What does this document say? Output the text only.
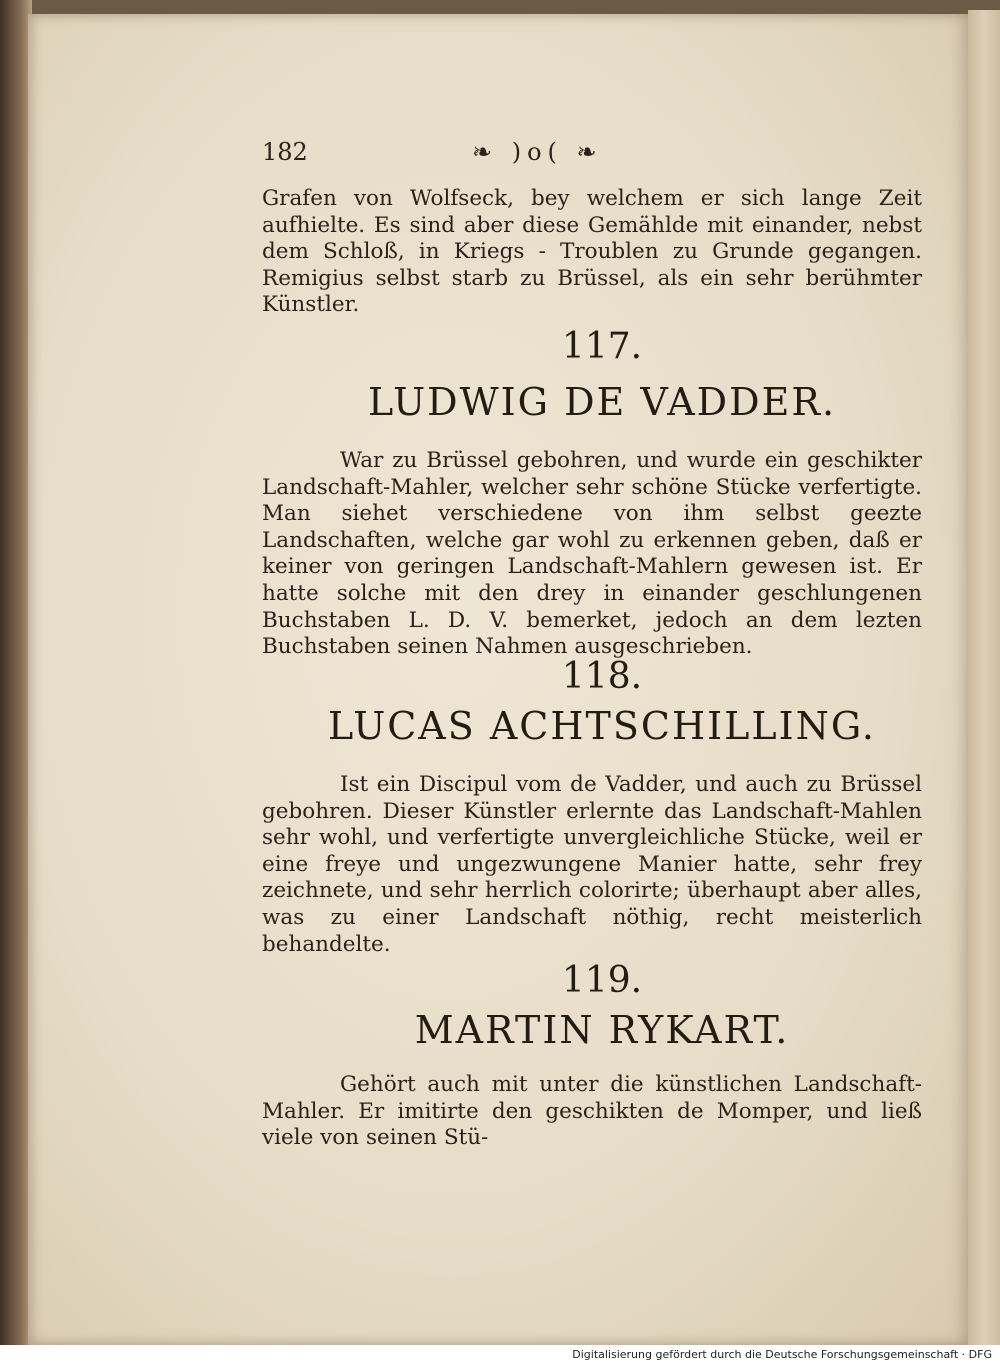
182	❧ )o( ❧

Grafen von Wolfseck, bey welchem er sich lange Zeit aufhielte. Es sind aber diese Gemählde mit einander, nebst dem Schloß, in Kriegs - Troublen zu Grunde gegangen. Remigius selbst starb zu Brüssel, als ein sehr berühmter Künstler.

117.
LUDWIG DE VADDER.

War zu Brüssel gebohren, und wurde ein geschikter Landschaft-Mahler, welcher sehr schöne Stücke verfertigte. Man siehet verschiedene von ihm selbst geezte Landschaften, welche gar wohl zu erkennen geben, daß er keiner von geringen Landschaft-Mahlern gewesen ist. Er hatte solche mit den drey in einander geschlungenen Buchstaben L. D. V. bemerket, jedoch an dem lezten Buchstaben seinen Nahmen ausgeschrieben.

118.
LUCAS ACHTSCHILLING.

Ist ein Discipul vom de Vadder, und auch zu Brüssel gebohren. Dieser Künstler erlernte das Landschaft-Mahlen sehr wohl, und verfertigte unvergleichliche Stücke, weil er eine freye und ungezwungene Manier hatte, sehr frey zeichnete, und sehr herrlich colorirte; überhaupt aber alles, was zu einer Landschaft nöthig, recht meisterlich behandelte.

119.
MARTIN RYKART.

Gehört auch mit unter die künstlichen Landschaft-Mahler. Er imitirte den geschikten de Momper, und ließ viele von seinen Stü-

Digitalisierung gefördert durch die Deutsche Forschungsgemeinschaft · DFG
